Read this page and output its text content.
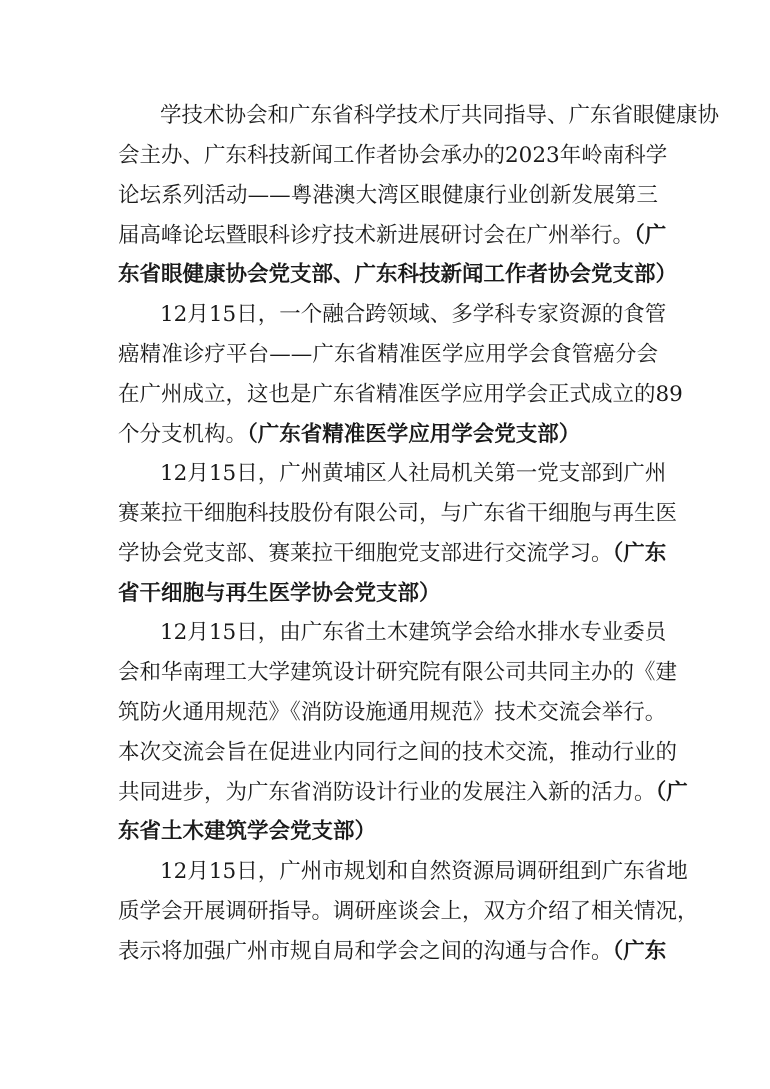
学技术协会和广东省科学技术厅共同指导、广东省眼健康协
会主办、广东科技新闻工作者协会承办的2023年岭南科学
论坛系列活动——粤港澳大湾区眼健康行业创新发展第三
届高峰论坛暨眼科诊疗技术新进展研讨会在广州举行。（广
东省眼健康协会党支部、广东科技新闻工作者协会党支部）
12月15日，一个融合跨领域、多学科专家资源的食管
癌精准诊疗平台——广东省精准医学应用学会食管癌分会
在广州成立，这也是广东省精准医学应用学会正式成立的89
个分支机构。（广东省精准医学应用学会党支部）
12月15日，广州黄埔区人社局机关第一党支部到广州
赛莱拉干细胞科技股份有限公司，与广东省干细胞与再生医
学协会党支部、赛莱拉干细胞党支部进行交流学习。（广东
省干细胞与再生医学协会党支部）
12月15日，由广东省土木建筑学会给水排水专业委员
会和华南理工大学建筑设计研究院有限公司共同主办的《建
筑防火通用规范》《消防设施通用规范》技术交流会举行。
本次交流会旨在促进业内同行之间的技术交流，推动行业的
共同进步，为广东省消防设计行业的发展注入新的活力。（广
东省土木建筑学会党支部）
12月15日，广州市规划和自然资源局调研组到广东省地
质学会开展调研指导。调研座谈会上，双方介绍了相关情况，
表示将加强广州市规自局和学会之间的沟通与合作。（广东
